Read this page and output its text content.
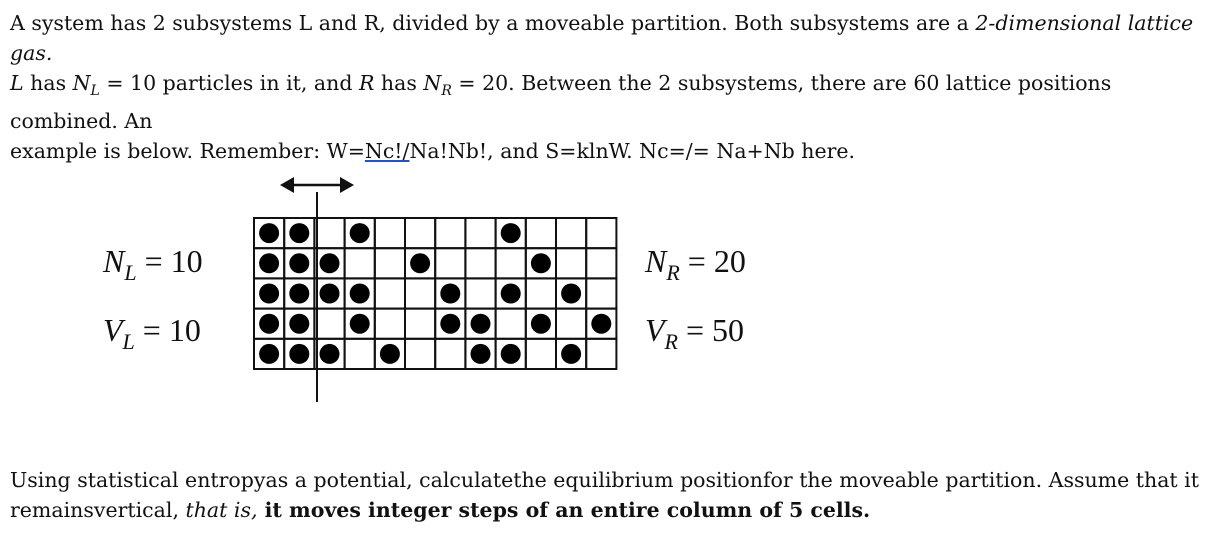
A system has 2 subsystems L and R, divided by a moveable partition. Both subsystems are a 2-dimensional lattice gas.
L has $N_L = 10$ particles in it, and R has $N_R = 20$. Between the 2 subsystems, there are 60 lattice positions combined. An
example is below. Remember: W=Nc!/Na!Nb!, and S=klnW. Nc=/= Na+Nb here.
$N_L = 10$
$V_L = 10$
$N_R = 20$
$V_R = 50$
Using statistical entropyas a potential, calculatethe equilibrium positionfor the moveable partition. Assume that it
remainsvertical, that is, it moves integer steps of an entire column of 5 cells.
